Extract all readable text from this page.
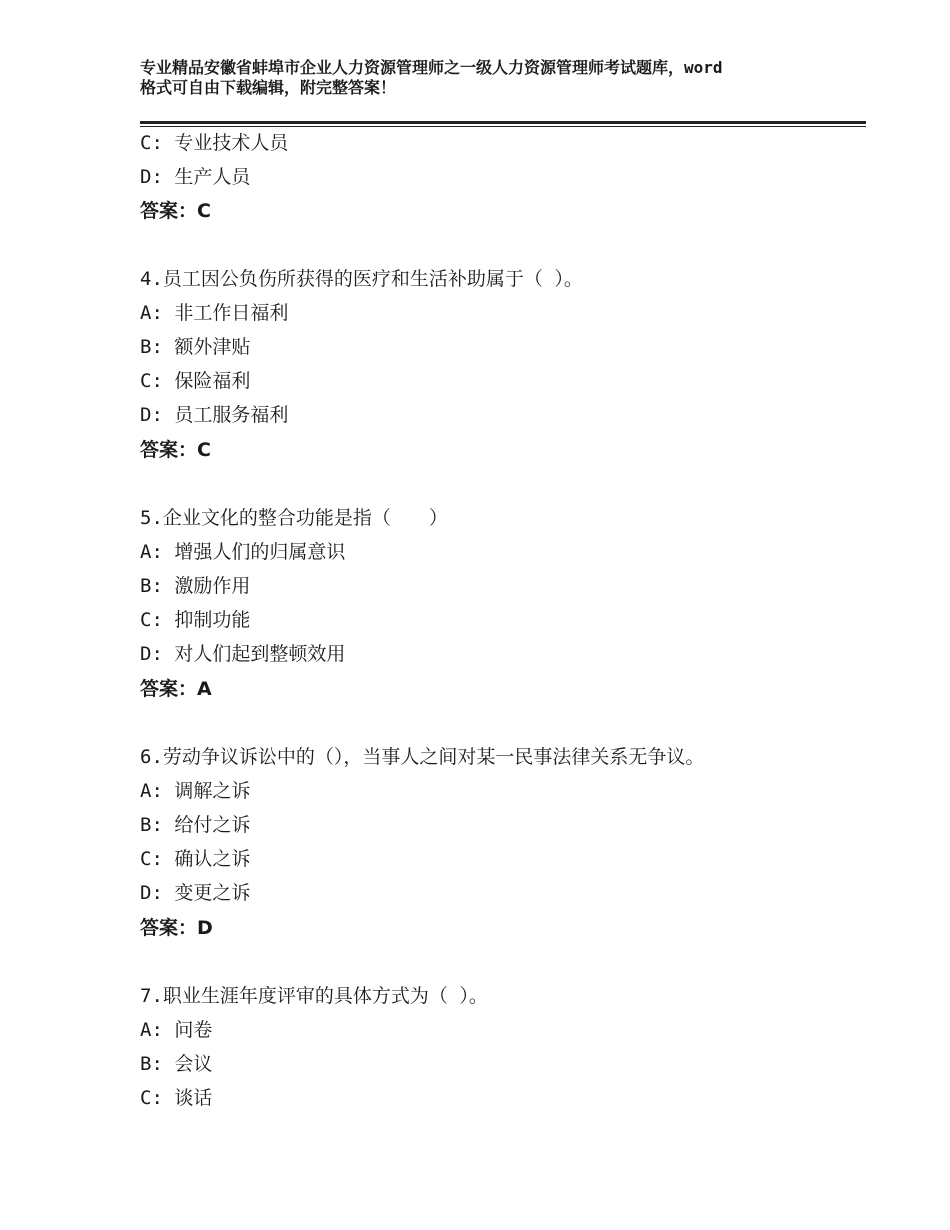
专业精品安徽省蚌埠市企业人力资源管理师之一级人力资源管理师考试题库，word
格式可自由下载编辑，附完整答案！
C: 专业技术人员
D: 生产人员
答案：C
4.员工因公负伤所获得的医疗和生活补助属于（ ）。
A: 非工作日福利
B: 额外津贴
C: 保险福利
D: 员工服务福利
答案：C
5.企业文化的整合功能是指（　　）
A: 增强人们的归属意识
B: 激励作用
C: 抑制功能
D: 对人们起到整顿效用
答案：A
6.劳动争议诉讼中的（），当事人之间对某一民事法律关系无争议。
A: 调解之诉
B: 给付之诉
C: 确认之诉
D: 变更之诉
答案：D
7.职业生涯年度评审的具体方式为（ ）。
A: 问卷
B: 会议
C: 谈话
